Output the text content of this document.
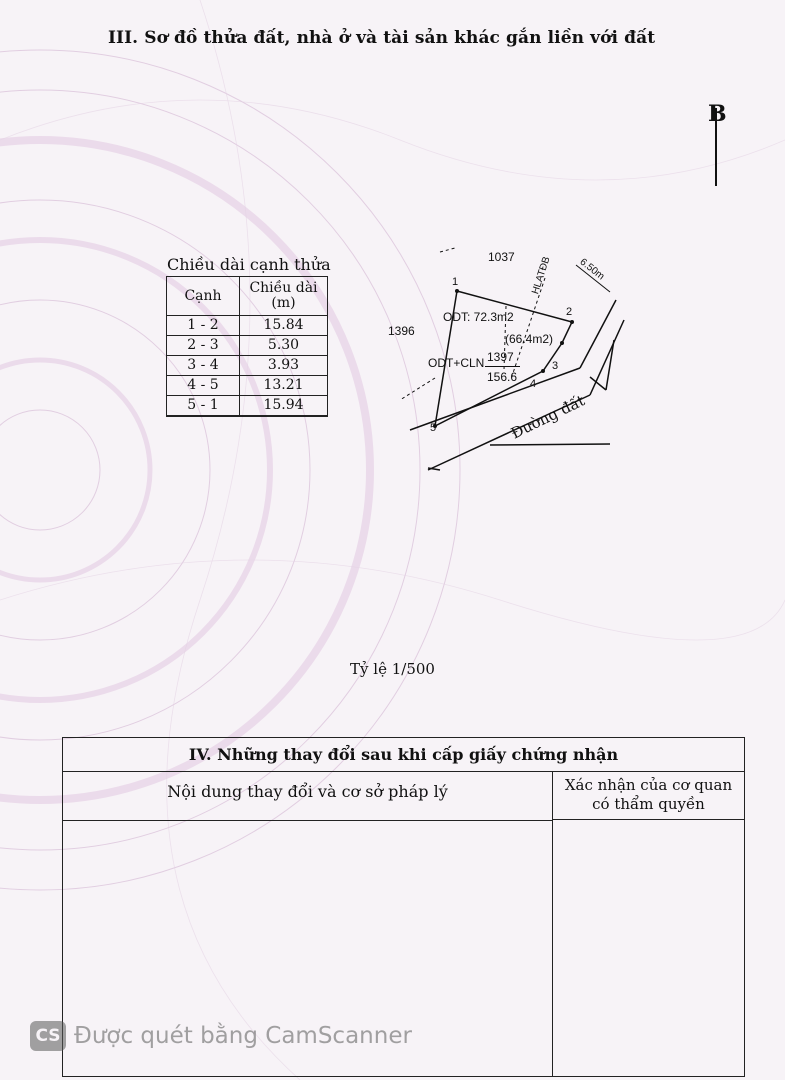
III. Sơ đồ thửa đất, nhà ở và tài sản khác gắn liền với đất
B
Chiều dài cạnh thửa
Cạnh	Chiều dài
(m)
1 - 2	15.84
2 - 3	5.30
3 - 4	3.93
4 - 5	13.21
5 - 1	15.94
1037
1396
HLATĐB 6.50m
ODT: 72.3m2
(66.4m2)
ODT+CLN 1397
156.6
Đường đất
1
2
3
4
5
Tỷ lệ 1/500
IV. Những thay đổi sau khi cấp giấy chứng nhận
Nội dung thay đổi và cơ sở pháp lý	Xác nhận của cơ quan
có thẩm quyền
CS Được quét bằng CamScanner
